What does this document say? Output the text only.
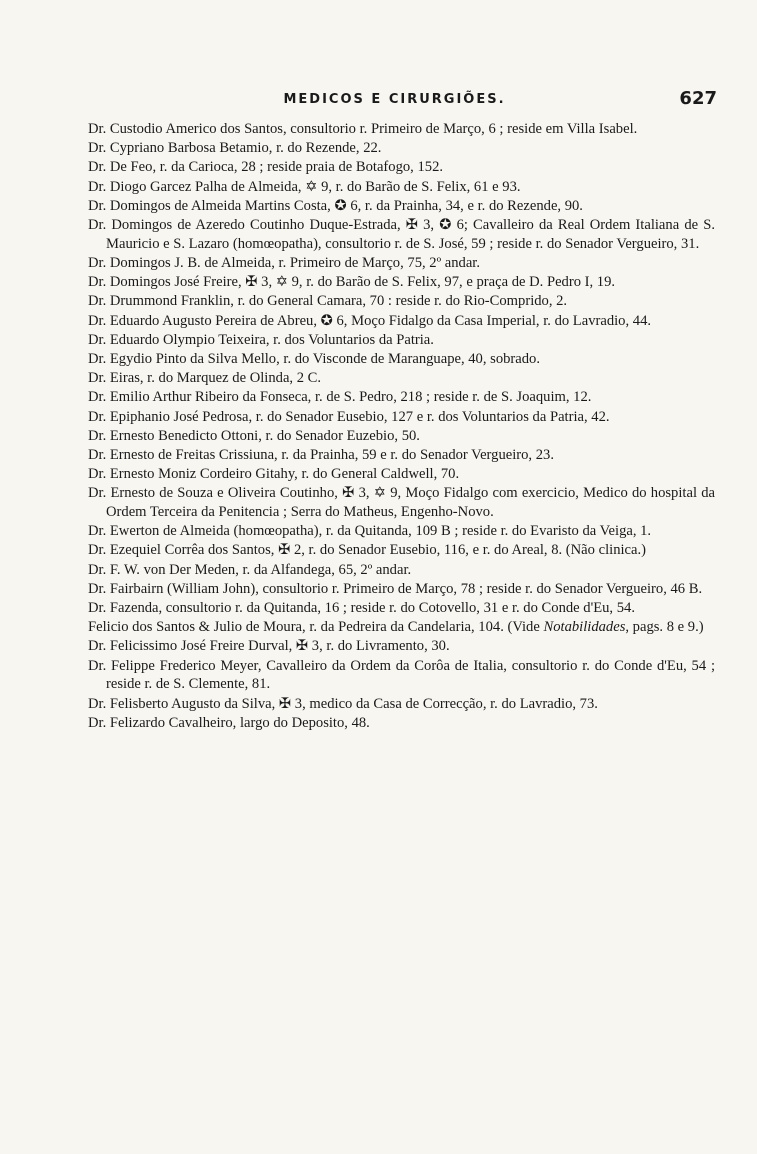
MEDICOS E CIRURGIÕES.	627

Dr. Custodio Americo dos Santos, consultorio r. Primeiro de Março, 6 ; reside em Villa Isabel.

Dr. Cypriano Barbosa Betamio, r. do Rezende, 22.

Dr. De Feo, r. da Carioca, 28 ; reside praia de Botafogo, 152.

Dr. Diogo Garcez Palha de Almeida, ✡ 9, r. do Barão de S. Felix, 61 e 93.

Dr. Domingos de Almeida Martins Costa, ✪ 6, r. da Prainha, 34, e r. do Rezende, 90.

Dr. Domingos de Azeredo Coutinho Duque-Estrada, ✠ 3, ✪ 6; Cavalleiro da Real Ordem Italiana de S. Mauricio e S. Lazaro (homœopatha), consultorio r. de S. José, 59 ; reside r. do Senador Vergueiro, 31.

Dr. Domingos J. B. de Almeida, r. Primeiro de Março, 75, 2º andar.

Dr. Domingos José Freire, ✠ 3, ✡ 9, r. do Barão de S. Felix, 97, e praça de D. Pedro I, 19.

Dr. Drummond Franklin, r. do General Camara, 70 : reside r. do Rio-Comprido, 2.

Dr. Eduardo Augusto Pereira de Abreu, ✪ 6, Moço Fidalgo da Casa Imperial, r. do Lavradio, 44.

Dr. Eduardo Olympio Teixeira, r. dos Voluntarios da Patria.

Dr. Egydio Pinto da Silva Mello, r. do Visconde de Maranguape, 40, sobrado.

Dr. Eiras, r. do Marquez de Olinda, 2 C.

Dr. Emilio Arthur Ribeiro da Fonseca, r. de S. Pedro, 218 ; reside r. de S. Joaquim, 12.

Dr. Epiphanio José Pedrosa, r. do Senador Eusebio, 127 e r. dos Voluntarios da Patria, 42.

Dr. Ernesto Benedicto Ottoni, r. do Senador Euzebio, 50.

Dr. Ernesto de Freitas Crissiuna, r. da Prainha, 59 e r. do Senador Vergueiro, 23.

Dr. Ernesto Moniz Cordeiro Gitahy, r. do General Caldwell, 70.

Dr. Ernesto de Souza e Oliveira Coutinho, ✠ 3, ✡ 9, Moço Fidalgo com exercicio, Medico do hospital da Ordem Terceira da Penitencia ; Serra do Matheus, Engenho-Novo.

Dr. Ewerton de Almeida (homœopatha), r. da Quitanda, 109 B ; reside r. do Evaristo da Veiga, 1.

Dr. Ezequiel Corrêa dos Santos, ✠ 2, r. do Senador Eusebio, 116, e r. do Areal, 8. (Não clinica.)

Dr. F. W. von Der Meden, r. da Alfandega, 65, 2º andar.

Dr. Fairbairn (William John), consultorio r. Primeiro de Março, 78 ; reside r. do Senador Vergueiro, 46 B.

Dr. Fazenda, consultorio r. da Quitanda, 16 ; reside r. do Cotovello, 31 e r. do Conde d'Eu, 54.

Felicio dos Santos & Julio de Moura, r. da Pedreira da Candelaria, 104. (Vide Notabilidades, pags. 8 e 9.)

Dr. Felicissimo José Freire Durval, ✠ 3, r. do Livramento, 30.

Dr. Felippe Frederico Meyer, Cavalleiro da Ordem da Corôa de Italia, consultorio r. do Conde d'Eu, 54 ; reside r. de S. Clemente, 81.

Dr. Felisberto Augusto da Silva, ✠ 3, medico da Casa de Correcção, r. do Lavradio, 73.

Dr. Felizardo Cavalheiro, largo do Deposito, 48.
